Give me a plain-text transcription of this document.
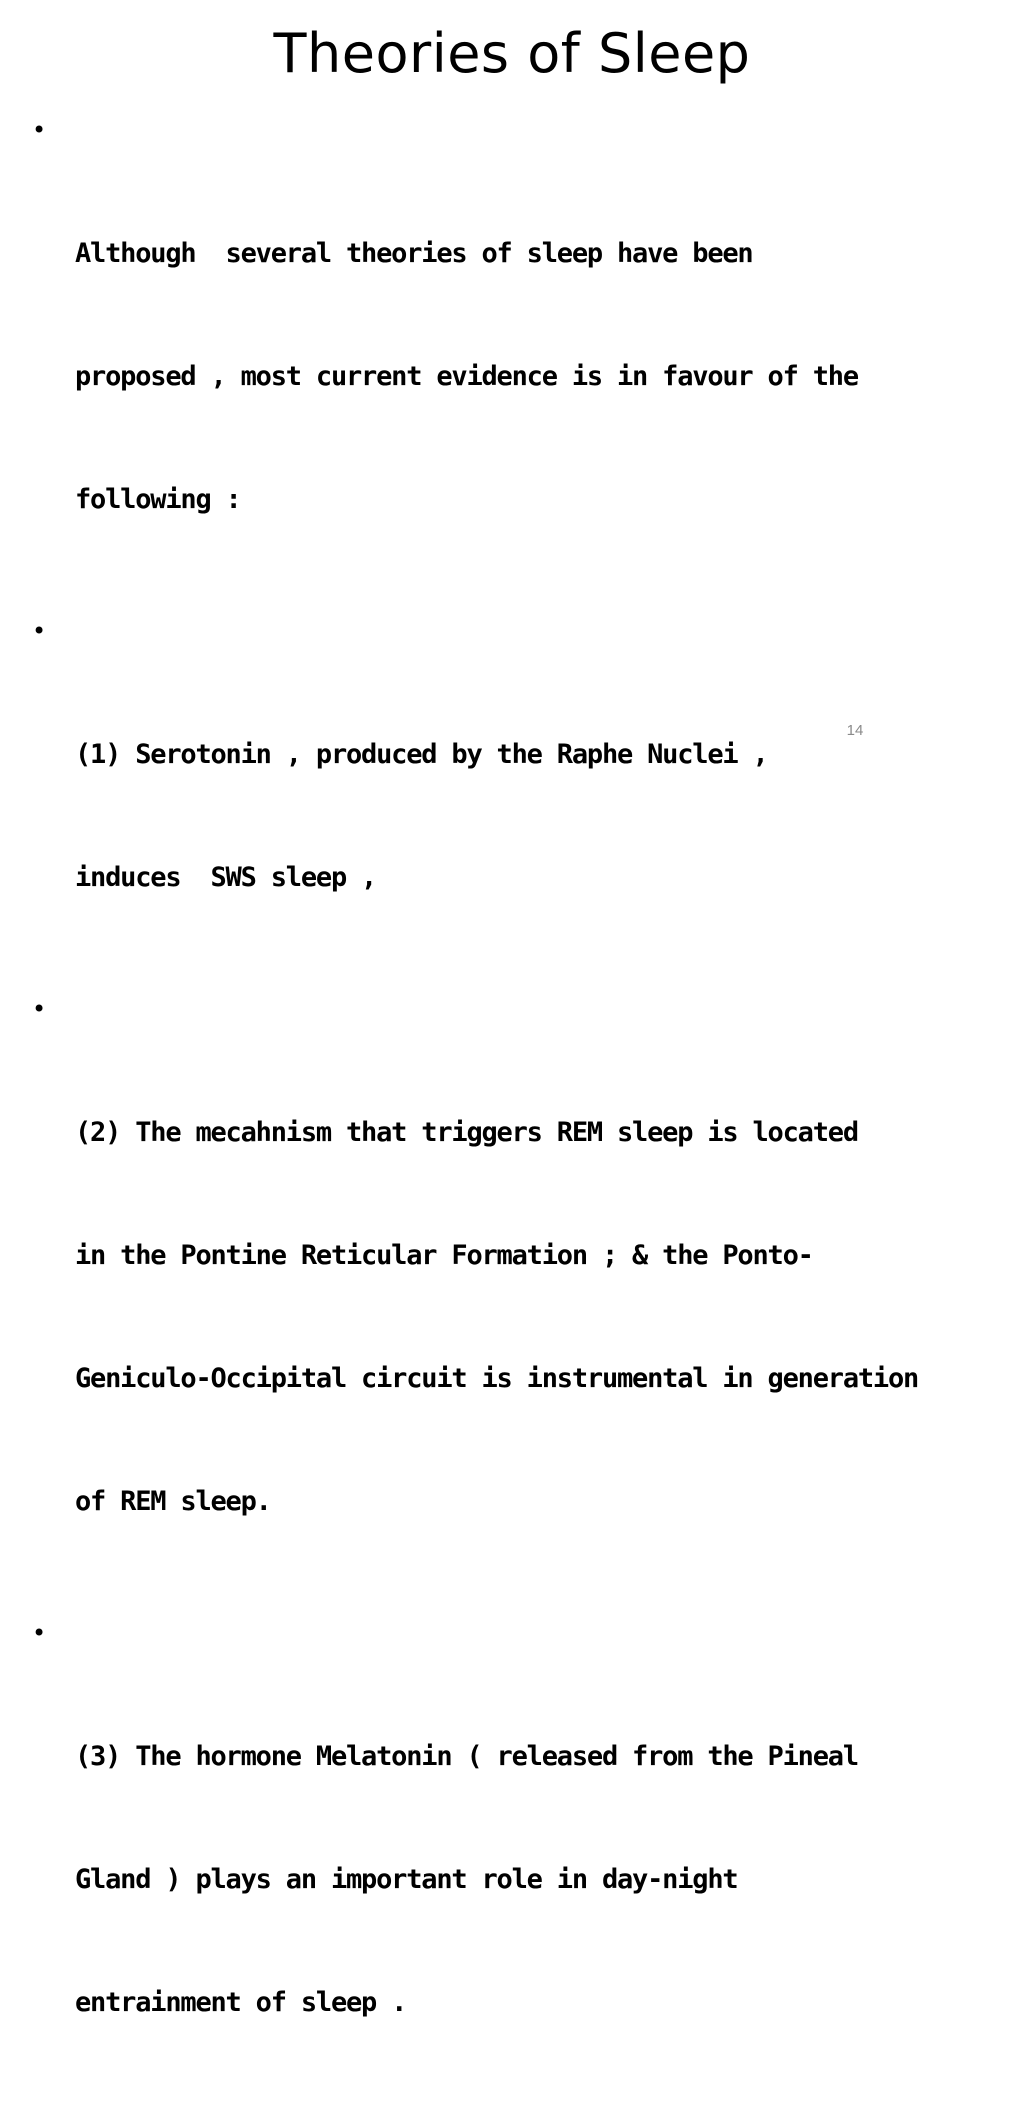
Theories of Sleep

•

Although  several theories of sleep have been

proposed , most current evidence is in favour of the

following :

•

(1) Serotonin , produced by the Raphe Nuclei ,

induces  SWS sleep ,

•

(2) The mecahnism that triggers REM sleep is located

in the Pontine Reticular Formation ; & the Ponto-

Geniculo-Occipital circuit is instrumental in generation

of REM sleep.

•

(3) The hormone Melatonin ( released from the Pineal

Gland ) plays an important role in day-night

entrainment of sleep .

14
